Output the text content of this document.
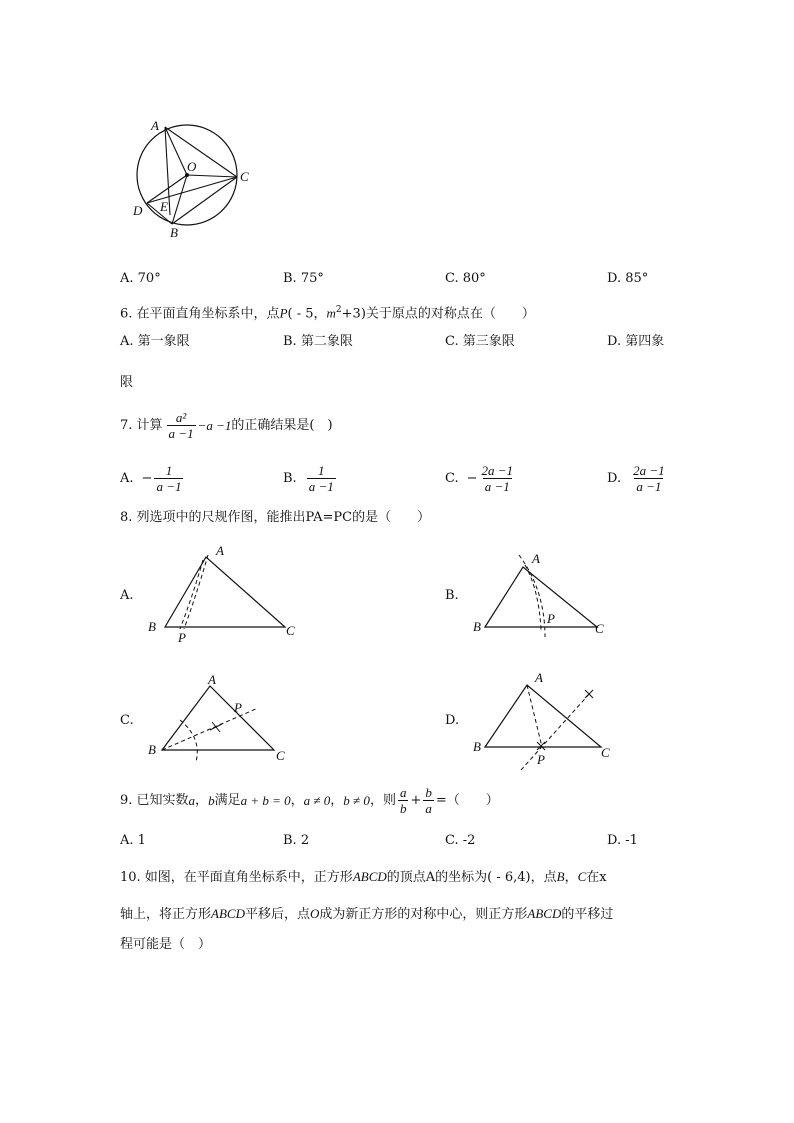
A
O
C
D E
B
A. 70°	B. 75°	C. 80°	D. 85°
6. 在平面直角坐标系中，点P( - 5，$m^2+3$)关于原点的对称点在（　　）
A. 第一象限	B. 第二象限	C. 第三象限	D. 第四象
限
7. 计算 $\frac{\text{a²}}{a -1} -a -1$ 的正确结果是(　)
A. − $\frac{1}{a -1}$	B. $\frac{1}{a -1}$	C. − $\frac{2a -1}{a -1}$	D. $\frac{2a -1}{a -1}$
8. 列选项中的尺规作图，能推出PA=PC的是（　　）
A.
A
B
P	C
B.
A
B
P
C
C.
A
P
B	C
D.
A
B
P	C
9. 已知实数 a ， b 满足 a + b = 0 ， a ≠ 0 ， b ≠ 0 ，则 $\frac{a}{b} + \frac{b}{a}$ =（　　）
A. 1	B. 2	C. -2	D. -1
10. 如图，在平面直角坐标系中，正方形ABCD的顶点A的坐标为( - 6,4)，点B，C在x
轴上，将正方形ABCD平移后，点O成为新正方形的对称中心，则正方形ABCD的平移过
程可能是（　）
